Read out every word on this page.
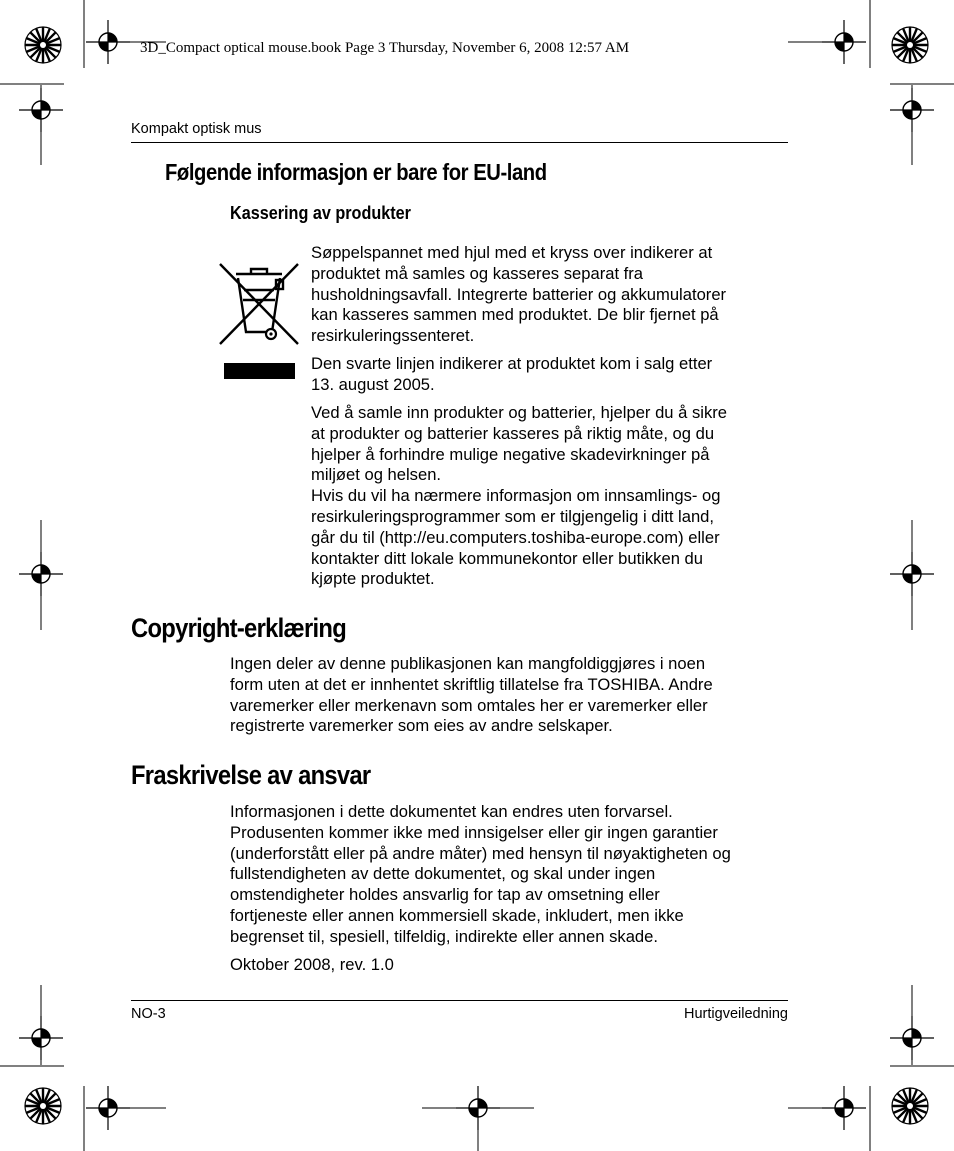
3D_Compact optical mouse.book Page 3 Thursday, November 6, 2008 12:57 AM
Kompakt optisk mus
Følgende informasjon er bare for EU-land
Kassering av produkter
Søppelspannet med hjul med et kryss over indikerer at
produktet må samles og kasseres separat fra
husholdningsavfall. Integrerte batterier og akkumulatorer
kan kasseres sammen med produktet. De blir fjernet på
resirkuleringssenteret.
Den svarte linjen indikerer at produktet kom i salg etter
13. august 2005.
Ved å samle inn produkter og batterier, hjelper du å sikre
at produkter og batterier kasseres på riktig måte, og du
hjelper å forhindre mulige negative skadevirkninger på
miljøet og helsen.
Hvis du vil ha nærmere informasjon om innsamlings- og
resirkuleringsprogrammer som er tilgjengelig i ditt land,
går du til (http://eu.computers.toshiba-europe.com) eller
kontakter ditt lokale kommunekontor eller butikken du
kjøpte produktet.
Copyright-erklæring
Ingen deler av denne publikasjonen kan mangfoldiggjøres i noen
form uten at det er innhentet skriftlig tillatelse fra TOSHIBA. Andre
varemerker eller merkenavn som omtales her er varemerker eller
registrerte varemerker som eies av andre selskaper.
Fraskrivelse av ansvar
Informasjonen i dette dokumentet kan endres uten forvarsel.
Produsenten kommer ikke med innsigelser eller gir ingen garantier
(underforstått eller på andre måter) med hensyn til nøyaktigheten og
fullstendigheten av dette dokumentet, og skal under ingen
omstendigheter holdes ansvarlig for tap av omsetning eller
fortjeneste eller annen kommersiell skade, inkludert, men ikke
begrenset til, spesiell, tilfeldig, indirekte eller annen skade.
Oktober 2008, rev. 1.0
NO-3	Hurtigveiledning
